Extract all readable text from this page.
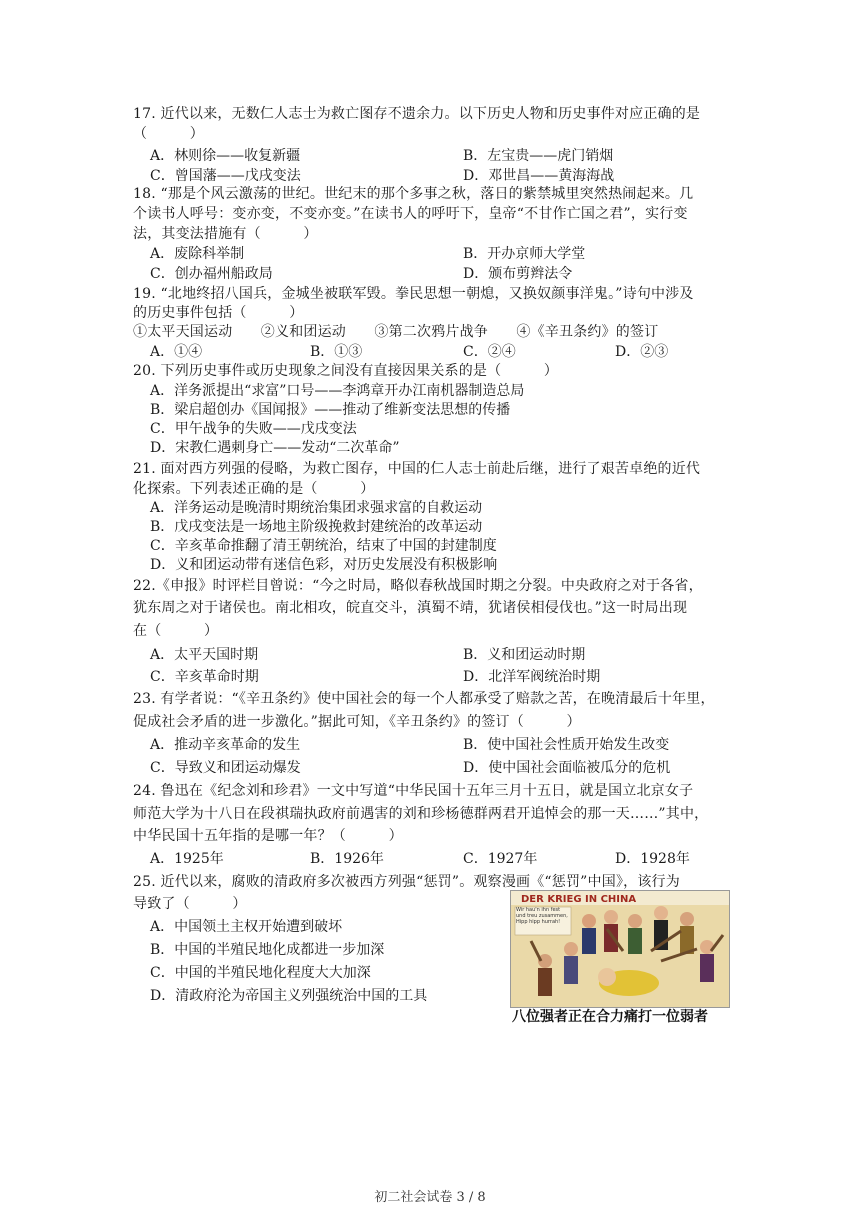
17. 近代以来，无数仁人志士为救亡图存不遗余力。以下历史人物和历史事件对应正确的是
（　　　）
A．林则徐——收复新疆	B．左宝贵——虎门销烟
C．曾国藩——戊戌变法	D．邓世昌——黄海海战
18. “那是个风云激荡的世纪。世纪末的那个多事之秋，落日的紫禁城里突然热闹起来。几
个读书人呼号：变亦变，不变亦变。”在读书人的呼吁下，皇帝“不甘作亡国之君”，实行变
法，其变法措施有（　　　）
A．废除科举制	B．开办京师大学堂
C．创办福州船政局	D．颁布剪辫法令
19. “北地终招八国兵，金城坐被联军毁。拳民思想一朝熄，又换奴颜事洋鬼。”诗句中涉及
的历史事件包括（　　　）
①太平天国运动　　②义和团运动　　③第二次鸦片战争　　④《辛丑条约》的签订
A．①④	B．①③	C．②④	D．②③
20. 下列历史事件或历史现象之间没有直接因果关系的是（　　　）
A．洋务派提出“求富”口号——李鸿章开办江南机器制造总局
B．梁启超创办《国闻报》——推动了维新变法思想的传播
C．甲午战争的失败——戊戌变法
D．宋教仁遇刺身亡——发动“二次革命”
21. 面对西方列强的侵略，为救亡图存，中国的仁人志士前赴后继，进行了艰苦卓绝的近代
化探索。下列表述正确的是（　　　）
A．洋务运动是晚清时期统治集团求强求富的自救运动
B．戊戌变法是一场地主阶级挽救封建统治的改革运动
C．辛亥革命推翻了清王朝统治，结束了中国的封建制度
D．义和团运动带有迷信色彩，对历史发展没有积极影响
22.《申报》时评栏目曾说：“今之时局，略似春秋战国时期之分裂。中央政府之对于各省，
犹东周之对于诸侯也。南北相攻，皖直交斗，滇蜀不靖，犹诸侯相侵伐也。”这一时局出现
在（　　　）
A．太平天国时期	B．义和团运动时期
C．辛亥革命时期	D．北洋军阀统治时期
23. 有学者说：“《辛丑条约》使中国社会的每一个人都承受了赔款之苦，在晚清最后十年里，
促成社会矛盾的进一步激化。”据此可知，《辛丑条约》的签订（　　　）
A．推动辛亥革命的发生	B．使中国社会性质开始发生改变
C．导致义和团运动爆发	D．使中国社会面临被瓜分的危机
24. 鲁迅在《纪念刘和珍君》一文中写道“中华民国十五年三月十五日，就是国立北京女子
师范大学为十八日在段祺瑞执政府前遇害的刘和珍杨德群两君开追悼会的那一天……”其中，
中华民国十五年指的是哪一年？（　　　）
A．1925年	B．1926年	C．1927年	D．1928年
25. 近代以来，腐败的清政府多次被西方列强“惩罚”。观察漫画《“惩罚”中国》，该行为
导致了（　　　）
A．中国领土主权开始遭到破坏
B．中国的半殖民地化成都进一步加深
C．中国的半殖民地化程度大大加深
D．清政府沦为帝国主义列强统治中国的工具
DER KRIEG IN CHINA
Wir hau'n ihn fest und treu zusammen, Hipp hipp hurrah!
八位强者正在合力痛打一位弱者
初二社会试卷 3 / 8
